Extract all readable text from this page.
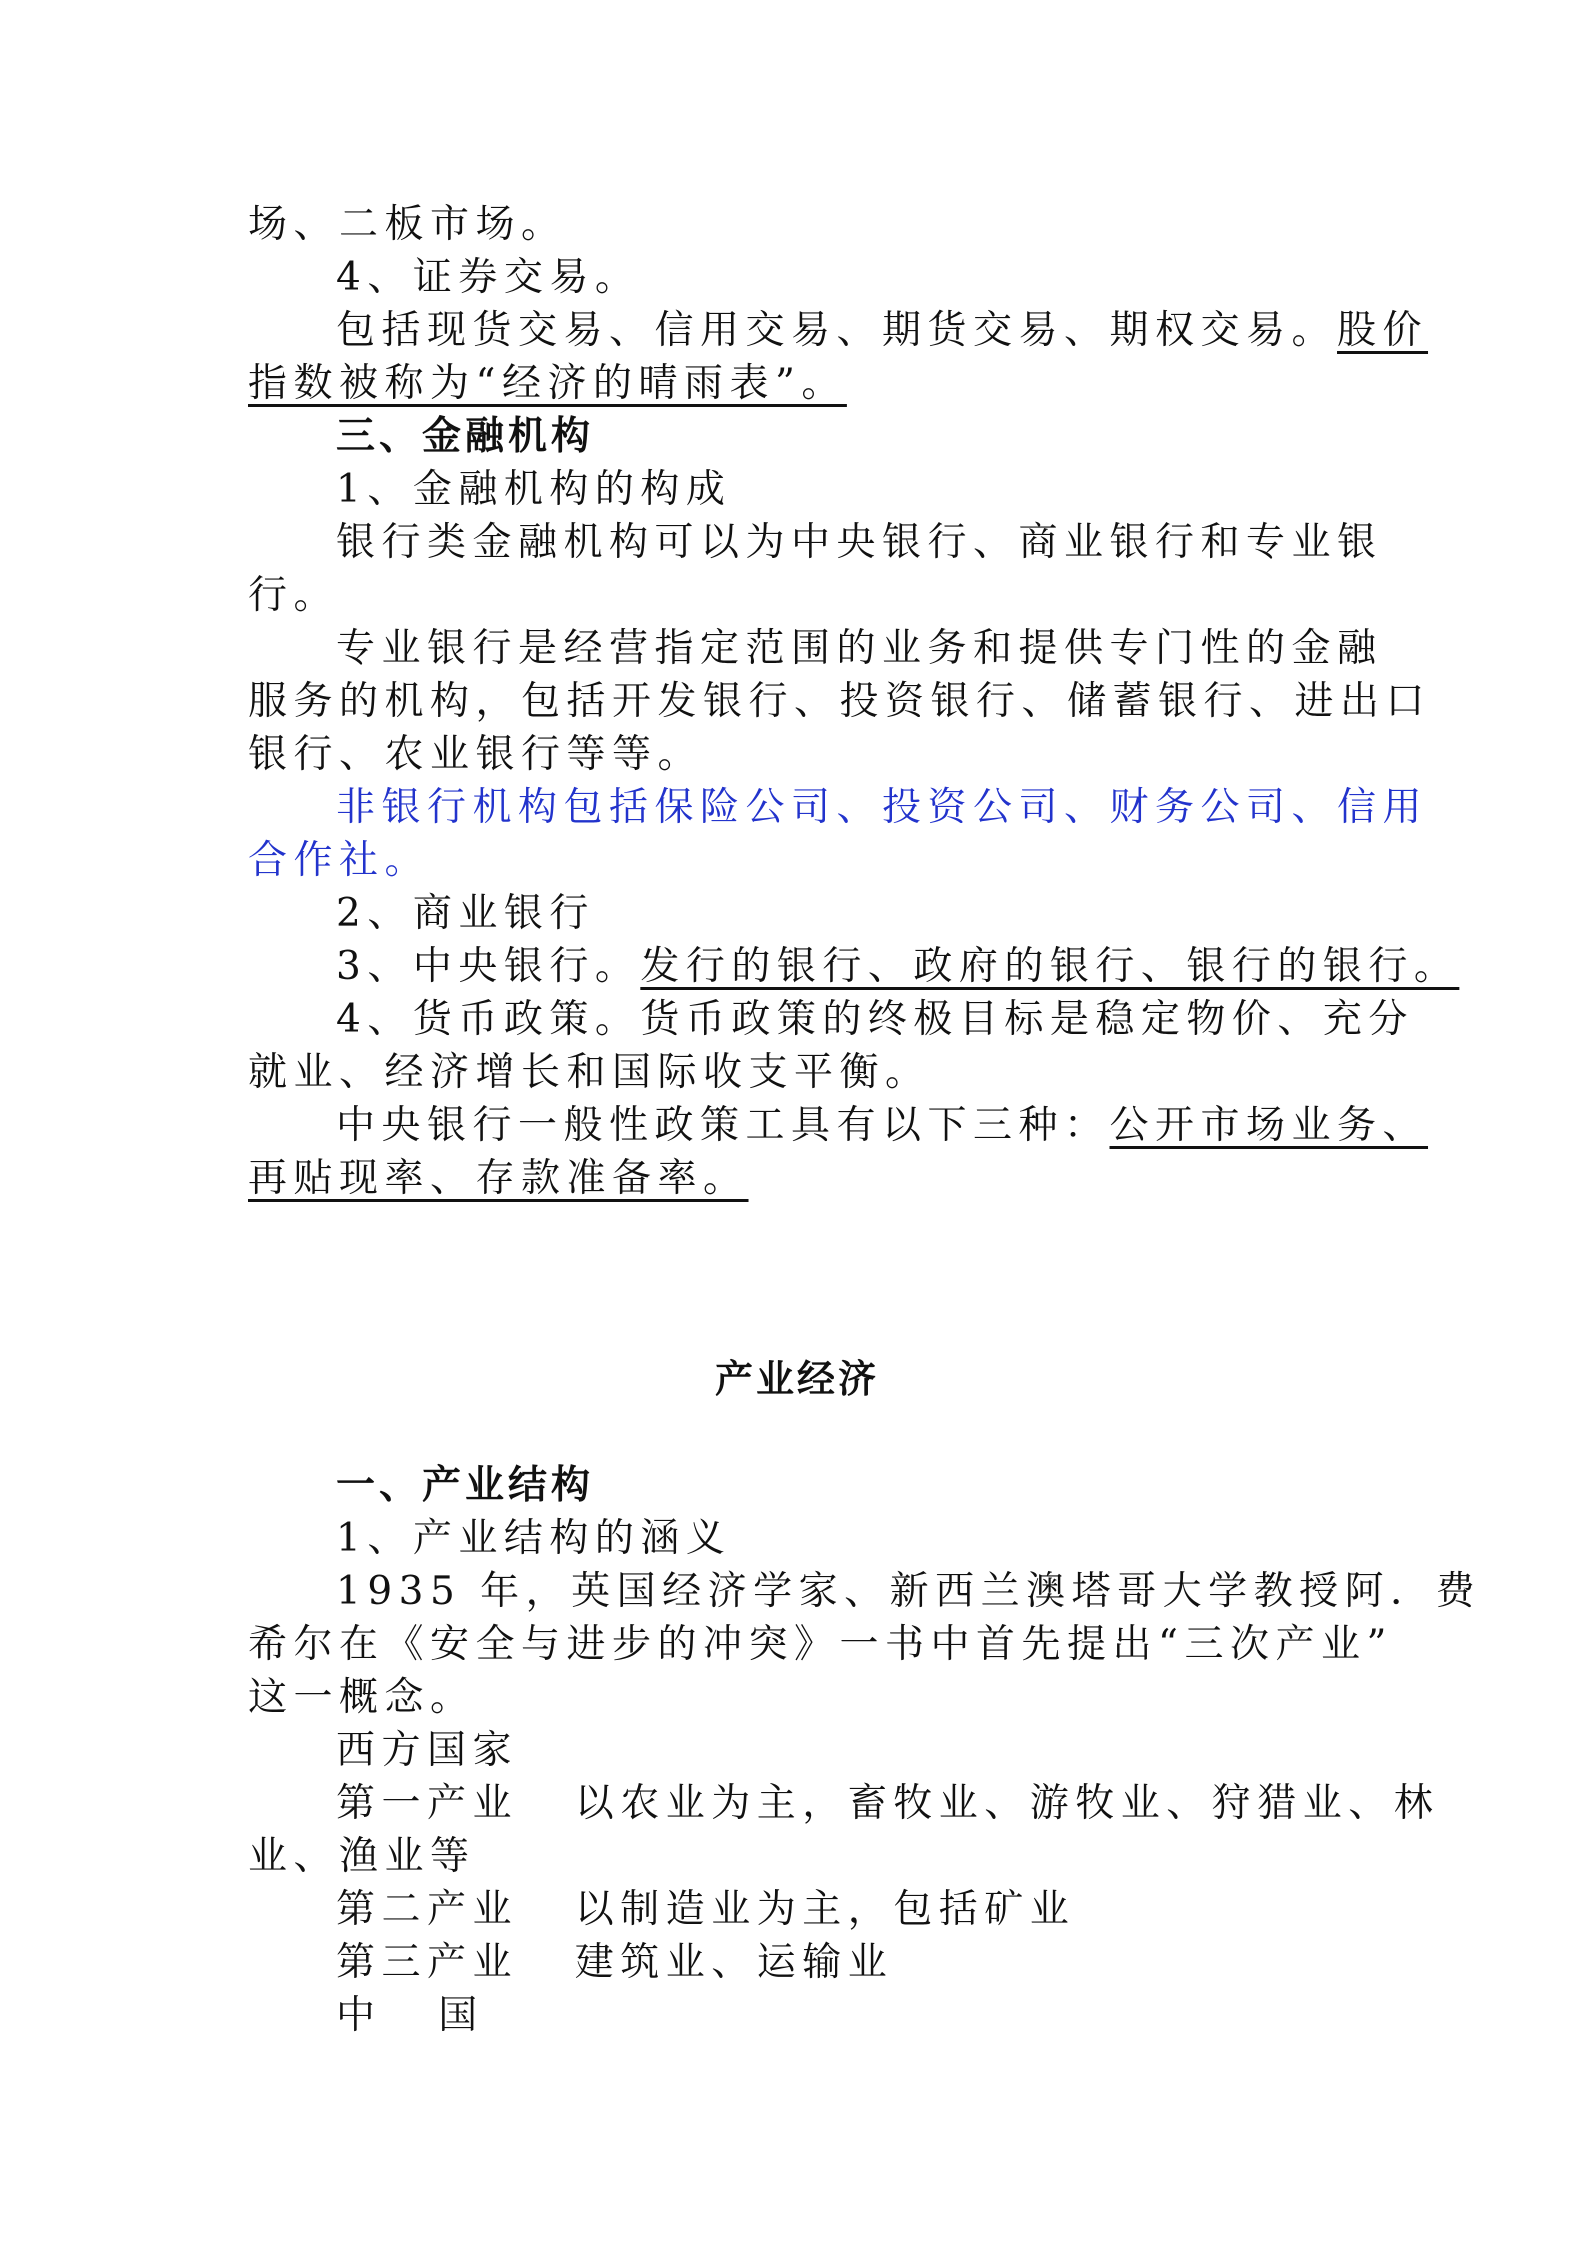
场、二板市场。
4、证券交易。
包括现货交易、信用交易、期货交易、期权交易。股价
指数被称为“经济的晴雨表”。
三、金融机构
1、金融机构的构成
银行类金融机构可以为中央银行、商业银行和专业银
行。
专业银行是经营指定范围的业务和提供专门性的金融
服务的机构，包括开发银行、投资银行、储蓄银行、进出口
银行、农业银行等等。
非银行机构包括保险公司、投资公司、财务公司、信用
合作社。
2、商业银行
3、中央银行。发行的银行、政府的银行、银行的银行。
4、货币政策。货币政策的终极目标是稳定物价、充分
就业、经济增长和国际收支平衡。
中央银行一般性政策工具有以下三种：公开市场业务、
再贴现率、存款准备率。
产业经济
一、产业结构
1、产业结构的涵义
1935 年，英国经济学家、新西兰澳塔哥大学教授阿．费
希尔在《安全与进步的冲突》一书中首先提出“三次产业”
这一概念。
西方国家
第一产业   以农业为主，畜牧业、游牧业、狩猎业、林
业、渔业等
第二产业   以制造业为主，包括矿业
第三产业   建筑业、运输业
中   国
